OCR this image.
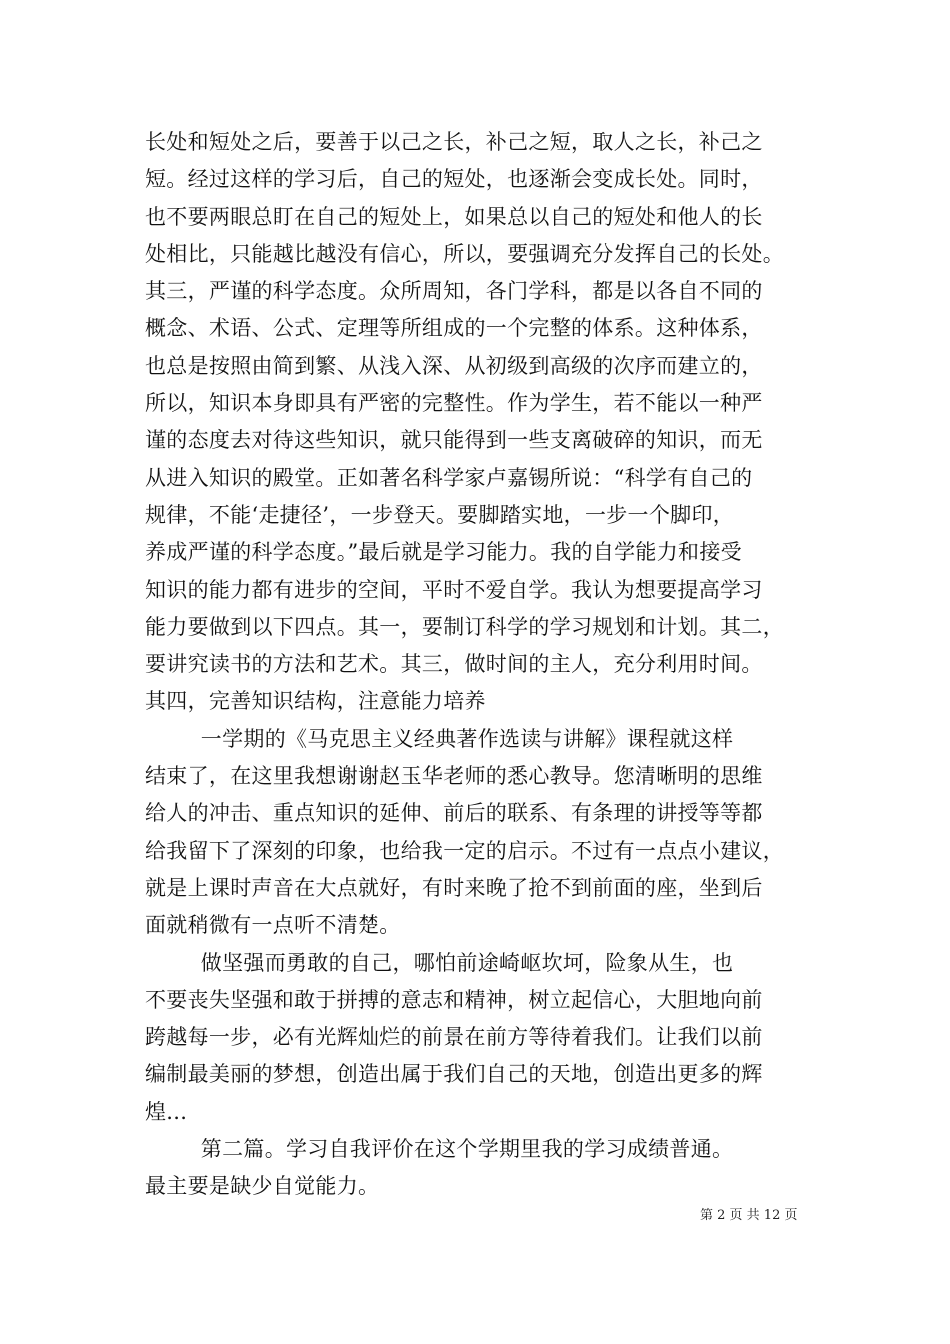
长处和短处之后，要善于以己之长，补己之短，取人之长，补己之
短。经过这样的学习后，自己的短处，也逐渐会变成长处。同时，
也不要两眼总盯在自己的短处上，如果总以自己的短处和他人的长
处相比，只能越比越没有信心，所以，要强调充分发挥自己的长处。
其三，严谨的科学态度。众所周知，各门学科，都是以各自不同的
概念、术语、公式、定理等所组成的一个完整的体系。这种体系，
也总是按照由简到繁、从浅入深、从初级到高级的次序而建立的，
所以，知识本身即具有严密的完整性。作为学生，若不能以一种严
谨的态度去对待这些知识，就只能得到一些支离破碎的知识，而无
从进入知识的殿堂。正如著名科学家卢嘉锡所说：“科学有自己的
规律，不能‘走捷径’，一步登天。要脚踏实地，一步一个脚印，
养成严谨的科学态度。”最后就是学习能力。我的自学能力和接受
知识的能力都有进步的空间，平时不爱自学。我认为想要提高学习
能力要做到以下四点。其一，要制订科学的学习规划和计划。其二，
要讲究读书的方法和艺术。其三，做时间的主人，充分利用时间。
其四，完善知识结构，注意能力培养
一学期的《马克思主义经典著作选读与讲解》课程就这样
结束了，在这里我想谢谢赵玉华老师的悉心教导。您清晰明的思维
给人的冲击、重点知识的延伸、前后的联系、有条理的讲授等等都
给我留下了深刻的印象，也给我一定的启示。不过有一点点小建议，
就是上课时声音在大点就好，有时来晚了抢不到前面的座，坐到后
面就稍微有一点听不清楚。
做坚强而勇敢的自己，哪怕前途崎岖坎坷，险象从生，也
不要丧失坚强和敢于拼搏的意志和精神，树立起信心，大胆地向前
跨越每一步，必有光辉灿烂的前景在前方等待着我们。让我们以前
编制最美丽的梦想，创造出属于我们自己的天地，创造出更多的辉
煌...
第二篇。学习自我评价在这个学期里我的学习成绩普通。
最主要是缺少自觉能力。
第 2 页 共 12 页
